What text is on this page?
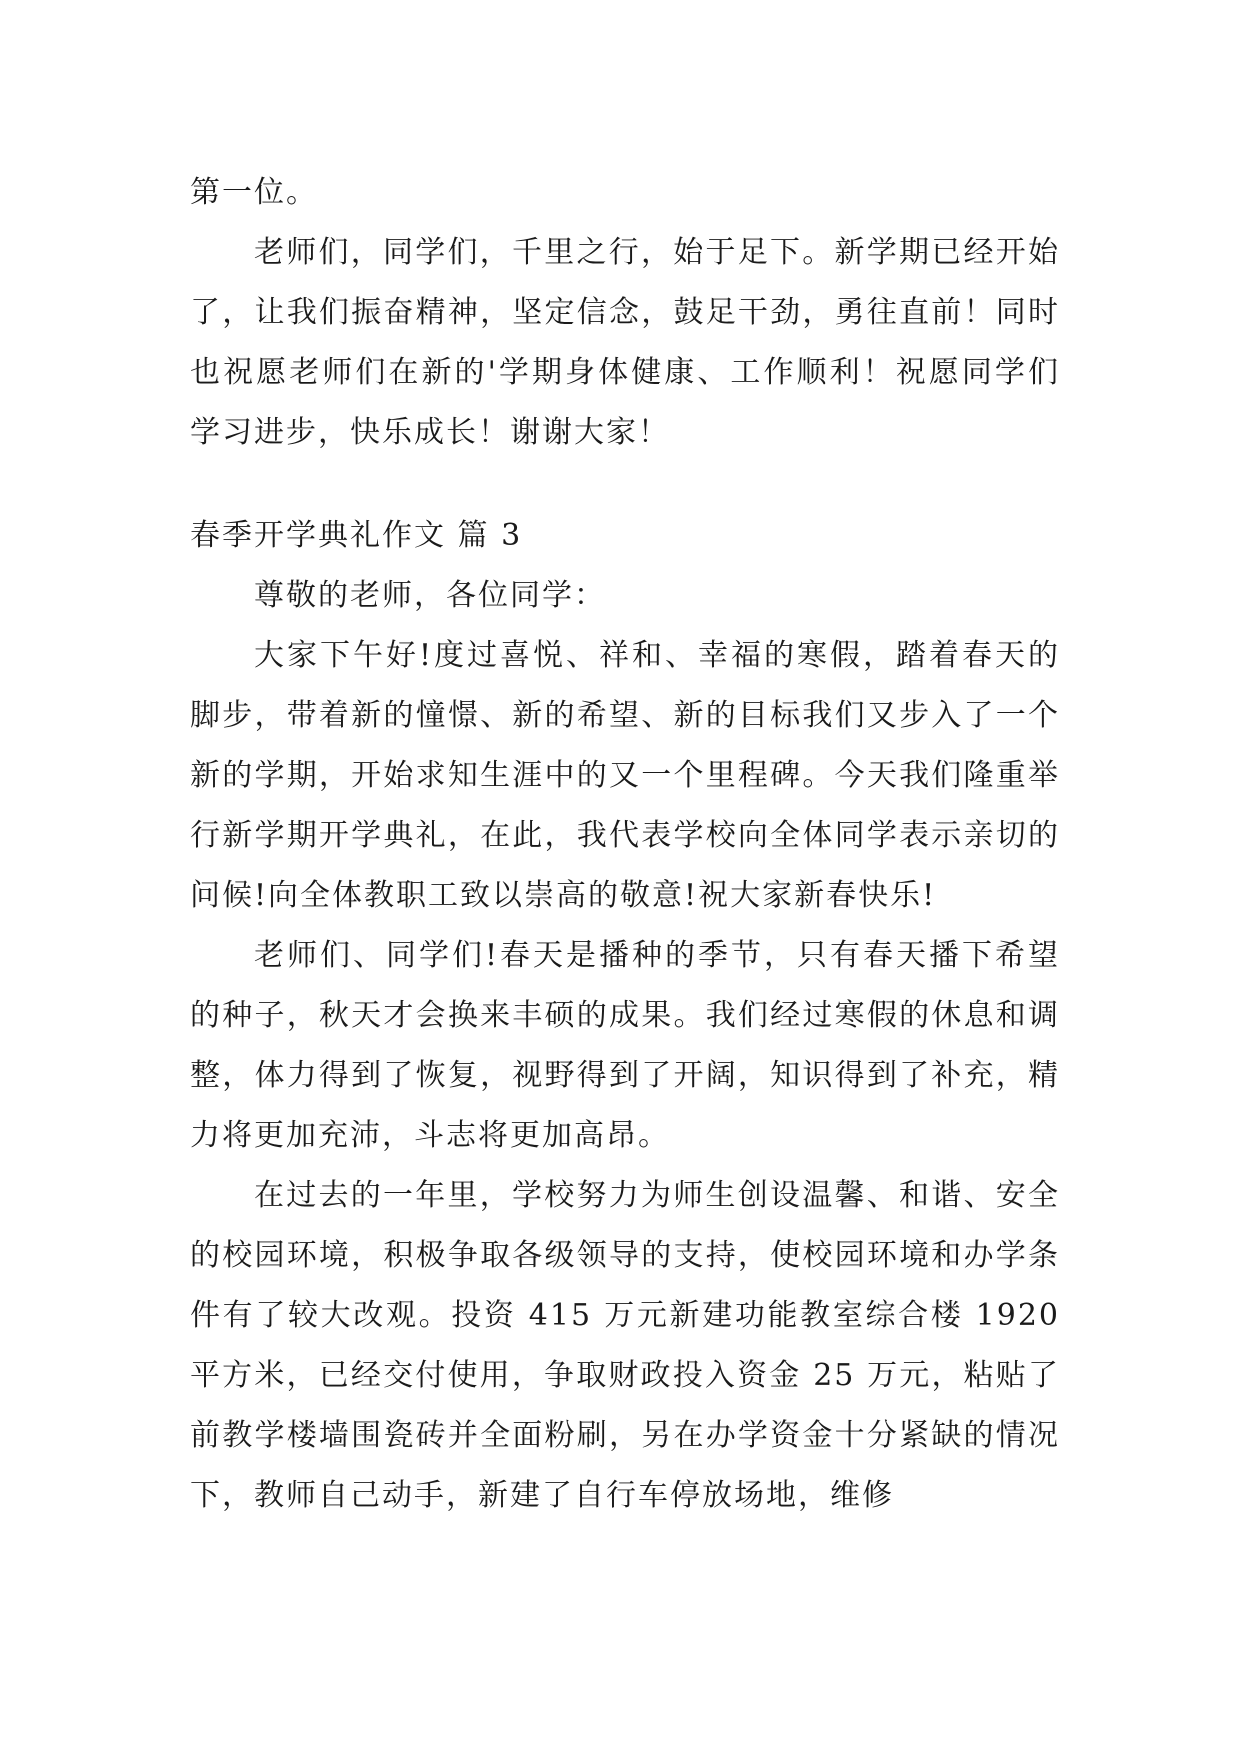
第一位。

老师们，同学们，千里之行，始于足下。新学期已经开始了，让我们振奋精神，坚定信念，鼓足干劲，勇往直前！同时也祝愿老师们在新的'学期身体健康、工作顺利！祝愿同学们学习进步，快乐成长！谢谢大家！

春季开学典礼作文 篇 3

尊敬的老师，各位同学：

大家下午好!度过喜悦、祥和、幸福的寒假，踏着春天的脚步，带着新的憧憬、新的希望、新的目标我们又步入了一个新的学期，开始求知生涯中的又一个里程碑。今天我们隆重举行新学期开学典礼，在此，我代表学校向全体同学表示亲切的问候!向全体教职工致以崇高的敬意!祝大家新春快乐!

老师们、同学们!春天是播种的季节，只有春天播下希望的种子，秋天才会换来丰硕的成果。我们经过寒假的休息和调整，体力得到了恢复，视野得到了开阔，知识得到了补充，精力将更加充沛，斗志将更加高昂。

在过去的一年里，学校努力为师生创设温馨、和谐、安全的校园环境，积极争取各级领导的支持，使校园环境和办学条件有了较大改观。投资 415 万元新建功能教室综合楼 1920 平方米，已经交付使用，争取财政投入资金 25 万元，粘贴了前教学楼墙围瓷砖并全面粉刷，另在办学资金十分紧缺的情况下，教师自己动手，新建了自行车停放场地，维修
